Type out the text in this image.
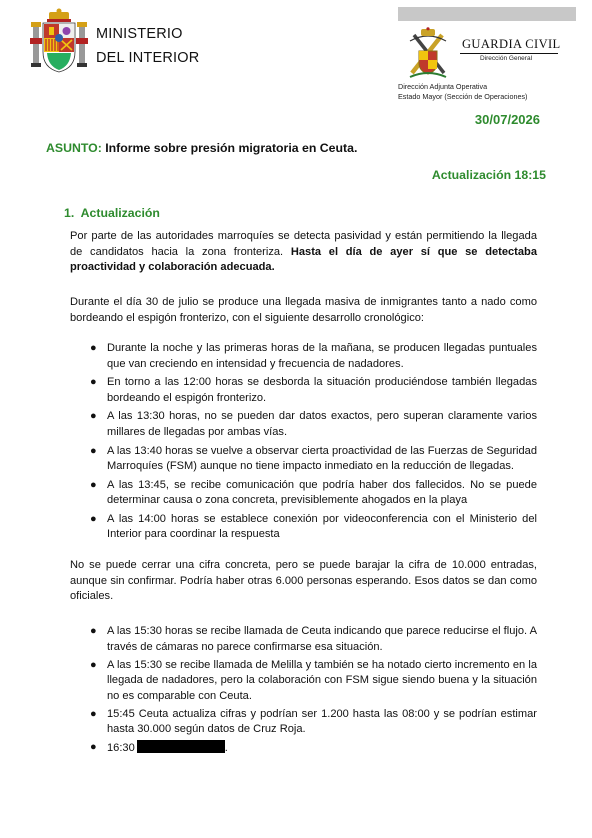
MINISTERIO
DEL INTERIOR
GUARDIA CIVIL
Dirección General
Dirección Adjunta Operativa
Estado Mayor (Sección de Operaciones)
30/07/2026
ASUNTO: Informe sobre presión migratoria en Ceuta.
Actualización 18:15
1. Actualización
Por parte de las autoridades marroquíes se detecta pasividad y están permitiendo la llegada de candidatos hacia la zona fronteriza. Hasta el día de ayer sí que se detectaba proactividad y colaboración adecuada.
Durante el día 30 de julio se produce una llegada masiva de inmigrantes tanto a nado como bordeando el espigón fronterizo, con el siguiente desarrollo cronológico:
● Durante la noche y las primeras horas de la mañana, se producen llegadas puntuales que van creciendo en intensidad y frecuencia de nadadores.
● En torno a las 12:00 horas se desborda la situación produciéndose también llegadas bordeando el espigón fronterizo.
● A las 13:30 horas, no se pueden dar datos exactos, pero superan claramente varios millares de llegadas por ambas vías.
● A las 13:40 horas se vuelve a observar cierta proactividad de las Fuerzas de Seguridad Marroquíes (FSM) aunque no tiene impacto inmediato en la reducción de llegadas.
● A las 13:45, se recibe comunicación que podría haber dos fallecidos. No se puede determinar causa o zona concreta, previsiblemente ahogados en la playa
● A las 14:00 horas se establece conexión por videoconferencia con el Ministerio del Interior para coordinar la respuesta
No se puede cerrar una cifra concreta, pero se puede barajar la cifra de 10.000 entradas, aunque sin confirmar. Podría haber otras 6.000 personas esperando. Esos datos se dan como oficiales.
● A las 15:30 horas se recibe llamada de Ceuta indicando que parece reducirse el flujo. A través de cámaras no parece confirmarse esa situación.
● A las 15:30 se recibe llamada de Melilla y también se ha notado cierto incremento en la llegada de nadadores, pero la colaboración con FSM sigue siendo buena y la situación no es comparable con Ceuta.
● 15:45 Ceuta actualiza cifras y podrían ser 1.200 hasta las 08:00 y se podrían estimar hasta 30.000 según datos de Cruz Roja.
● 16:30	.
